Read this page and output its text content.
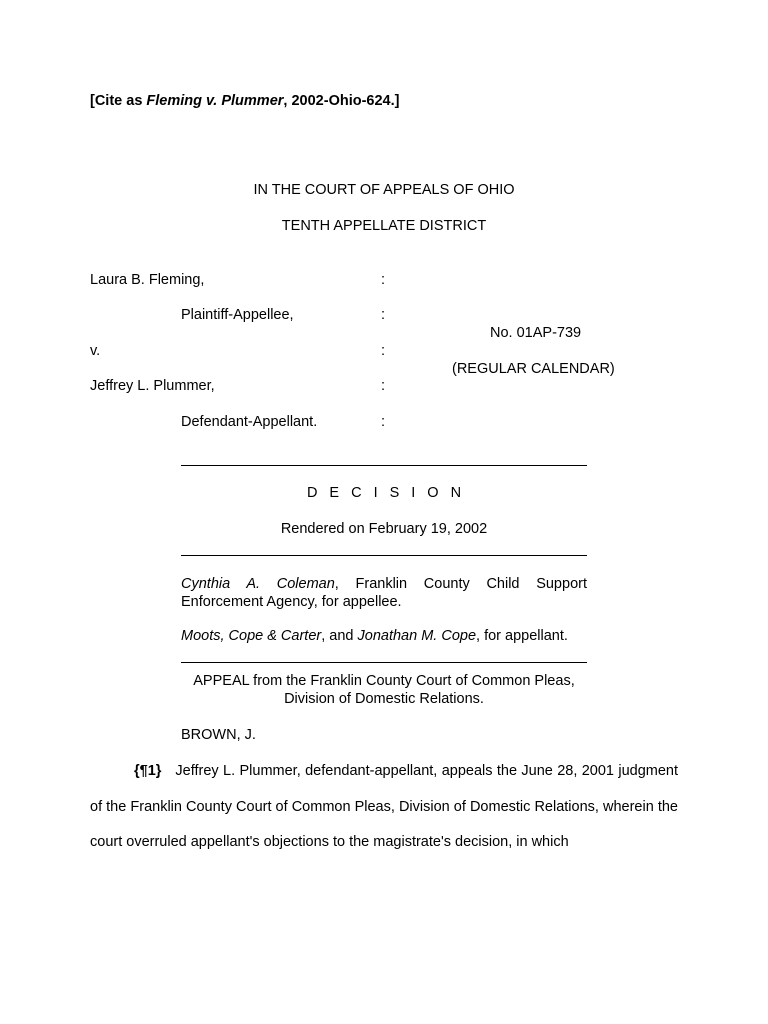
[Cite as Fleming v. Plummer, 2002-Ohio-624.]
IN THE COURT OF APPEALS OF OHIO
TENTH APPELLATE DISTRICT
Laura B. Fleming,	:
Plaintiff-Appellee,	:
No. 01AP-739
v.	:
(REGULAR CALENDAR)
Jeffrey L. Plummer,	:
Defendant-Appellant.	:
DECISION
Rendered on February 19, 2002
Cynthia A. Coleman, Franklin County Child Support Enforcement Agency, for appellee.
Moots, Cope & Carter, and Jonathan M. Cope, for appellant.
APPEAL from the Franklin County Court of Common Pleas,
Division of Domestic Relations.
BROWN, J.
{¶1} Jeffrey L. Plummer, defendant-appellant, appeals the June 28, 2001 judgment of the Franklin County Court of Common Pleas, Division of Domestic Relations, wherein the court overruled appellant's objections to the magistrate's decision, in which
